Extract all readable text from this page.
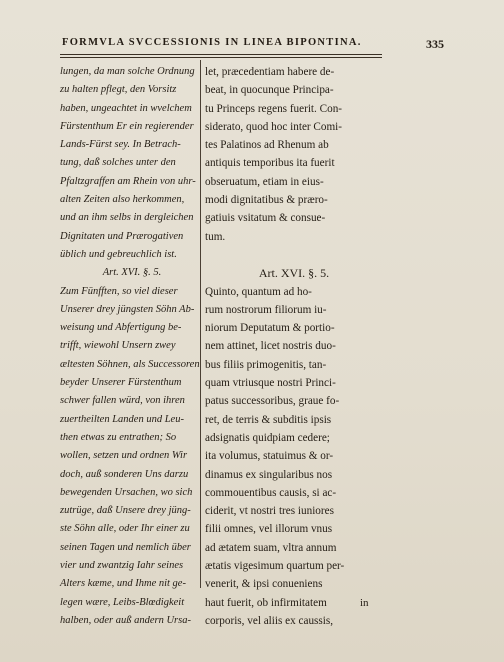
FORMVLA SVCCESSIONIS IN LINEA BIPONTINA.	335
lungen, da man solche Ordnung
zu halten pflegt, den Vorsitz
haben, ungeachtet in wvelchem
Fürstenthum Er ein regierender
Lands-Fürst sey. In Betrach-
tung, daß solches unter den
Pfaltzgraffen am Rhein von uhr-
alten Zeiten also herkommen,
und an ihm selbs in dergleichen
Dignitaten und Prærogativen
üblich und gebreuchlich ist.
Art. XVI. §. 5.
Zum Fünfften, so viel dieser
Unserer drey jüngsten Söhn Ab-
weisung und Abfertigung be-
trifft, wiewohl Unsern zwey
æltesten Söhnen, als Successoren
beyder Unserer Fürstenthum
schwer fallen würd, von ihren
zuertheilten Landen und Leu-
then etwas zu entrathen; So
wollen, setzen und ordnen Wir
doch, auß sonderen Uns darzu
bewegenden Ursachen, wo sich
zutrüge, daß Unsere drey jüng-
ste Söhn alle, oder Ihr einer zu
seinen Tagen und nemlich über
vier und zwantzig Iahr seines
Alters kæme, und Ihme nit ge-
legen wære, Leibs-Blœdigkeit
halben, oder auß andern Ursa-
let, præcedentiam habere de-
beat, in quocunque Principa-
tu Princeps regens fuerit. Con-
siderato, quod hoc inter Comi-
tes Palatinos ad Rhenum ab
antiquis temporibus ita fuerit
obseruatum, etiam in eius-
modi dignitatibus & præro-
gatiuis vsitatum & consue-
tum.
Art. XVI. §. 5.
Quinto, quantum ad ho-
rum nostrorum filiorum iu-
niorum Deputatum & portio-
nem attinet, licet nostris duo-
bus filiis primogenitis, tan-
quam vtriusque nostri Princi-
patus successoribus, graue fo-
ret, de terris & subditis ipsis
adsignatis quidpiam cedere;
ita volumus, statuimus & or-
dinamus ex singularibus nos
commouentibus causis, si ac-
ciderit, vt nostri tres iuniores
filii omnes, vel illorum vnus
ad ætatem suam, vltra annum
ætatis vigesimum quartum per-
venerit, & ipsi conueniens
haut fuerit, ob infirmitatem
corporis, vel aliis ex caussis,
in
